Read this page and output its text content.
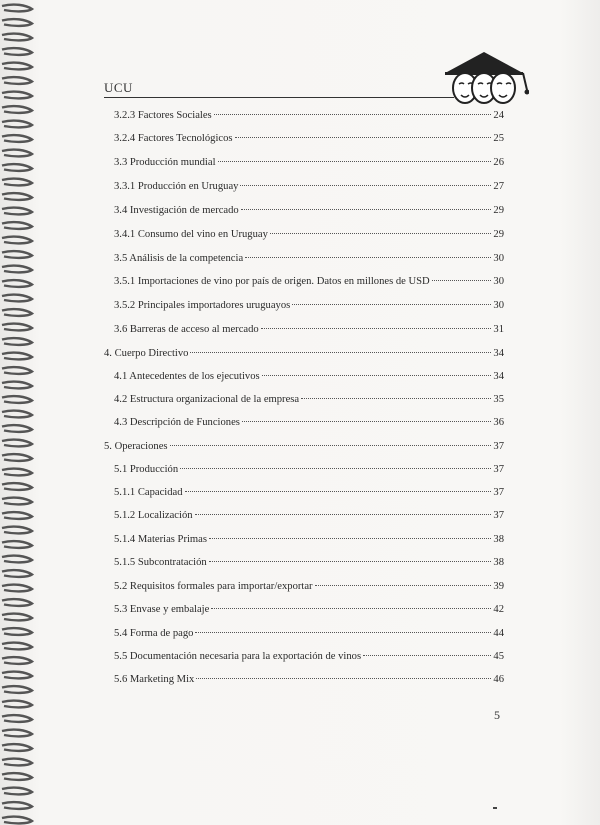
UCU
3.2.3 Factores Sociales	24
3.2.4 Factores Tecnológicos	25
3.3 Producción mundial	26
3.3.1 Producción en Uruguay	27
3.4 Investigación de mercado	29
3.4.1 Consumo del vino en Uruguay	29
3.5 Análisis de la competencia	30
3.5.1 Importaciones de vino por país de origen. Datos en millones de USD	30
3.5.2 Principales importadores uruguayos	30
3.6 Barreras de acceso al mercado	31
4. Cuerpo Directivo	34
4.1 Antecedentes de los ejecutivos	34
4.2 Estructura organizacional de la empresa	35
4.3 Descripción de Funciones	36
5. Operaciones	37
5.1 Producción	37
5.1.1 Capacidad	37
5.1.2 Localización	37
5.1.4 Materias Primas	38
5.1.5 Subcontratación	38
5.2 Requisitos formales para importar/exportar	39
5.3 Envase y embalaje	42
5.4 Forma de pago	44
5.5 Documentación necesaria para la exportación de vinos	45
5.6 Marketing Mix	46
5
